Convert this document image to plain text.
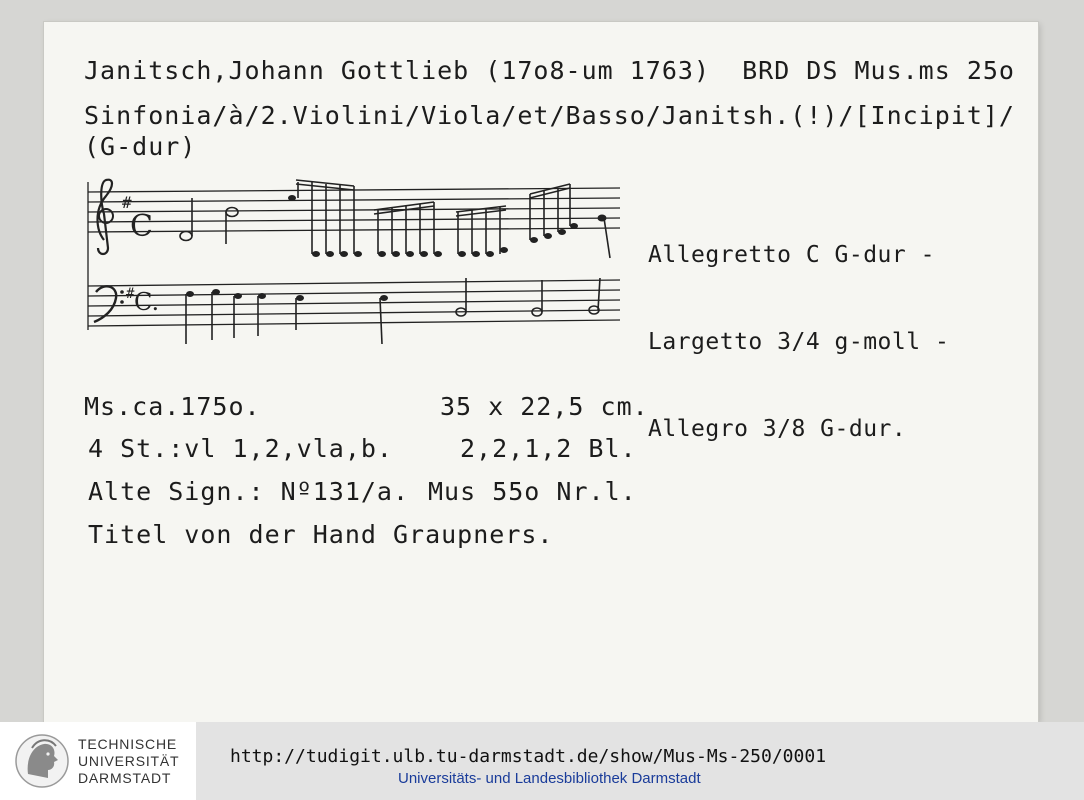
Janitsch,Johann Gottlieb (17o8-um 1763)  BRD DS Mus.ms 25o
Sinfonia/à/2.Violini/Viola/et/Basso/Janitsh.(!)/[Incipit]/
(G-dur)
#
C
# C.

Allegretto C G-dur -

Largetto 3/4 g-moll -

Allegro 3/8 G-dur.

Ms.ca.175o.	35 x 22,5 cm.
4 St.:vl 1,2,vla,b.	2,2,1,2 Bl.
Alte Sign.: Nº131/a. Mus 55o Nr.l.
Titel von der Hand Graupners.
TECHNISCHE
UNIVERSITÄT
DARMSTADT
http://tudigit.ulb.tu-darmstadt.de/show/Mus-Ms-250/0001
Universitäts- und Landesbibliothek Darmstadt
